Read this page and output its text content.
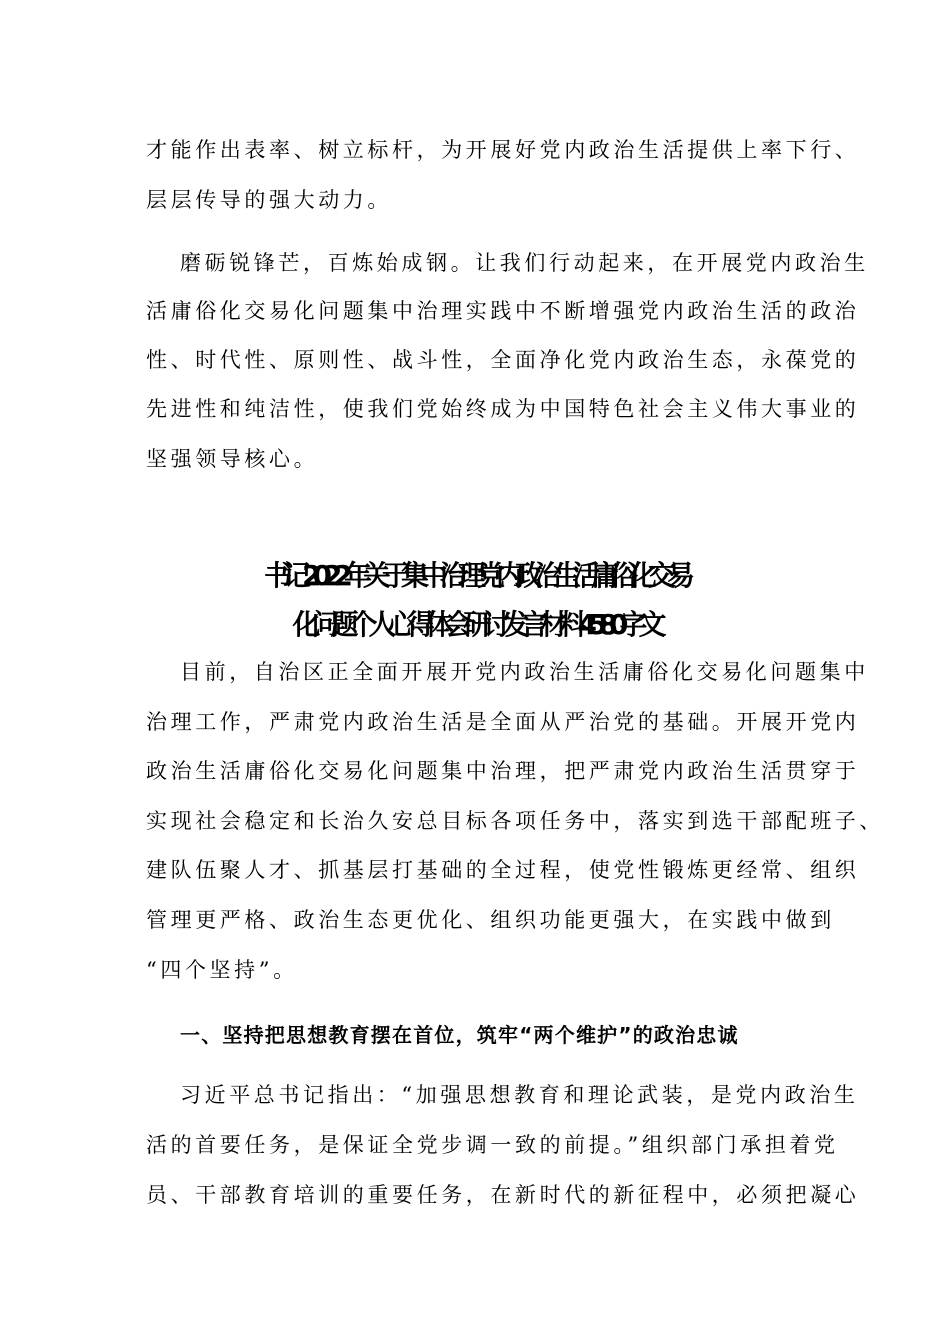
才能作出表率、树立标杆，为开展好党内政治生活提供上率下行、
层层传导的强大动力。
磨砺锐锋芒，百炼始成钢。让我们行动起来，在开展党内政治生
活庸俗化交易化问题集中治理实践中不断增强党内政治生活的政治
性、时代性、原则性、战斗性，全面净化党内政治生态，永葆党的
先进性和纯洁性，使我们党始终成为中国特色社会主义伟大事业的
坚强领导核心。
书记2022年关于集中治理党内政治生活庸俗化交易
化问题个人心得体会研讨发言材料4580字文
目前，自治区正全面开展开党内政治生活庸俗化交易化问题集中
治理工作，严肃党内政治生活是全面从严治党的基础。开展开党内
政治生活庸俗化交易化问题集中治理，把严肃党内政治生活贯穿于
实现社会稳定和长治久安总目标各项任务中，落实到选干部配班子、
建队伍聚人才、抓基层打基础的全过程，使党性锻炼更经常、组织
管理更严格、政治生态更优化、组织功能更强大，在实践中做到
“四个坚持”。
一、坚持把思想教育摆在首位，筑牢“两个维护”的政治忠诚
习近平总书记指出：“加强思想教育和理论武装，是党内政治生
活的首要任务，是保证全党步调一致的前提。”组织部门承担着党
员、干部教育培训的重要任务，在新时代的新征程中，必须把凝心
